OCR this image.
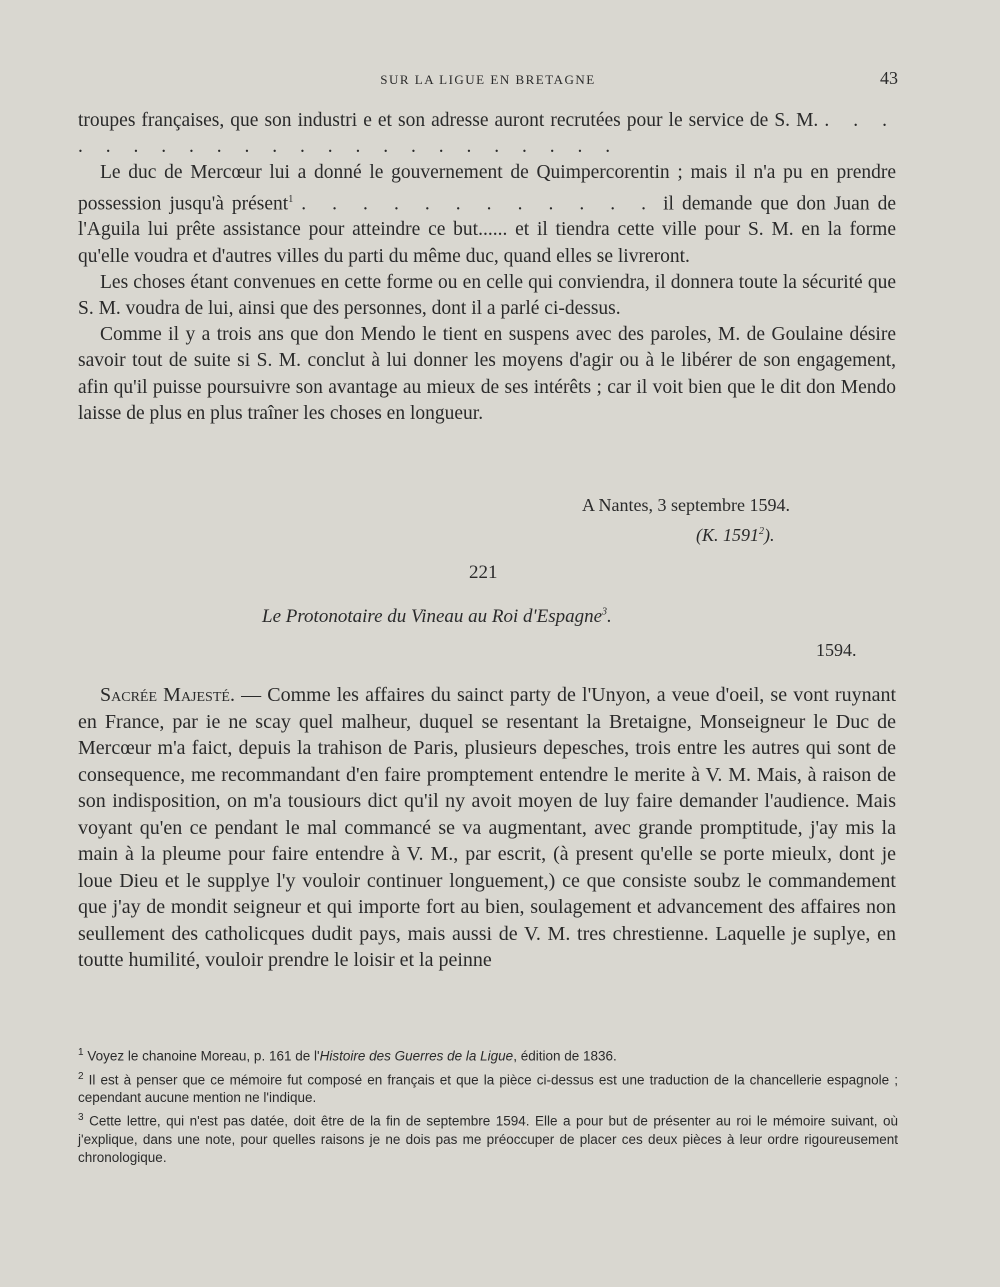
SUR LA LIGUE EN BRETAGNE	43

troupes françaises, que son industri e et son adresse auront recrutées pour le service de S. M. . . . . . . . . . . . . . . . . . . . . . . .

Le duc de Mercœur lui a donné le gouvernement de Quimpercorentin ; mais il n'a pu en prendre possession jusqu'à présent$^1$ . . . . . . . . . . . . il demande que don Juan de l'Aguila lui prête assistance pour atteindre ce but...... et il tiendra cette ville pour S. M. en la forme qu'elle voudra et d'autres villes du parti du même duc, quand elles se livreront.

Les choses étant convenues en cette forme ou en celle qui conviendra, il donnera toute la sécurité que S. M. voudra de lui, ainsi que des personnes, dont il a parlé ci-dessus.

Comme il y a trois ans que don Mendo le tient en suspens avec des paroles, M. de Goulaine désire savoir tout de suite si S. M. conclut à lui donner les moyens d'agir ou à le libérer de son engagement, afin qu'il puisse poursuivre son avantage au mieux de ses intérêts ; car il voit bien que le dit don Mendo laisse de plus en plus traîner les choses en longueur.

A Nantes, 3 septembre 1594.
(K. 1591$^2$).
221
Le Protonotaire du Vineau au Roi d'Espagne$^3$.
1594.

Sacrée Majesté. — Comme les affaires du sainct party de l'Unyon, a veue d'oeil, se vont ruynant en France, par ie ne scay quel malheur, duquel se resentant la Bretaigne, Monseigneur le Duc de Mercœur m'a faict, depuis la trahison de Paris, plusieurs depesches, trois entre les autres qui sont de consequence, me recommandant d'en faire promptement entendre le merite à V. M. Mais, à raison de son indisposition, on m'a tousiours dict qu'il ny avoit moyen de luy faire demander l'audience. Mais voyant qu'en ce pendant le mal commancé se va augmentant, avec grande promptitude, j'ay mis la main à la pleume pour faire entendre à V. M., par escrit, (à present qu'elle se porte mieulx, dont je loue Dieu et le supplye l'y vouloir continuer longuement,) ce que consiste soubz le commandement que j'ay de mondit seigneur et qui importe fort au bien, soulagement et advancement des affaires non seullement des catholicques dudit pays, mais aussi de V. M. tres chrestienne. Laquelle je suplye, en toutte humilité, vouloir prendre le loisir et la peinne

$^1$ Voyez le chanoine Moreau, p. 161 de l'Histoire des Guerres de la Ligue, édition de 1836.

$^2$ Il est à penser que ce mémoire fut composé en français et que la pièce ci-dessus est une traduction de la chancellerie espagnole ; cependant aucune mention ne l'indique.

$^3$ Cette lettre, qui n'est pas datée, doit être de la fin de septembre 1594. Elle a pour but de présenter au roi le mémoire suivant, où j'explique, dans une note, pour quelles raisons je ne dois pas me préoccuper de placer ces deux pièces à leur ordre rigoureusement chronologique.
